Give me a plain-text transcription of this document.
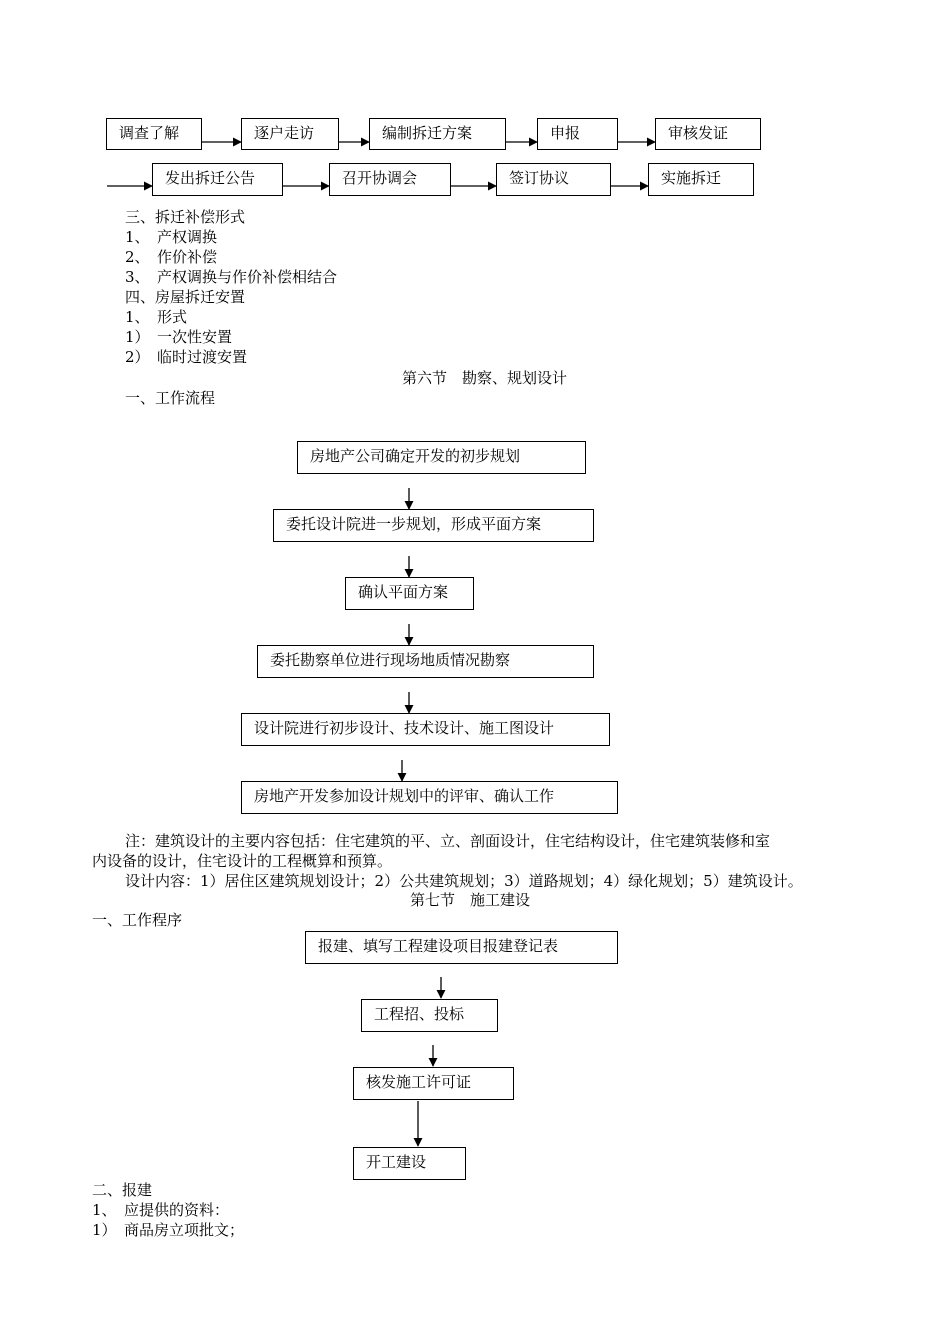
调查了解	逐户走访	编制拆迁方案	申报	审核发证
发出拆迁公告	召开协调会	签订协议	实施拆迁
三、拆迁补偿形式
1、　产权调换
2、　作价补偿
3、　产权调换与作价补偿相结合
四、房屋拆迁安置
1、　形式
1）　一次性安置
2）　临时过渡安置
第六节　勘察、规划设计
一、工作流程
房地产公司确定开发的初步规划
委托设计院进一步规划，形成平面方案
确认平面方案
委托勘察单位进行现场地质情况勘察
设计院进行初步设计、技术设计、施工图设计
房地产开发参加设计规划中的评审、确认工作
注：建筑设计的主要内容包括：住宅建筑的平、立、剖面设计，住宅结构设计，住宅建筑装修和室
内设备的设计，住宅设计的工程概算和预算。
设计内容：1）居住区建筑规划设计；2）公共建筑规划；3）道路规划；4）绿化规划；5）建筑设计。
第七节　施工建设
一、工作程序
报建、填写工程建设项目报建登记表
工程招、投标
核发施工许可证
开工建设
二、报建
1、　应提供的资料：
1）　商品房立项批文；
